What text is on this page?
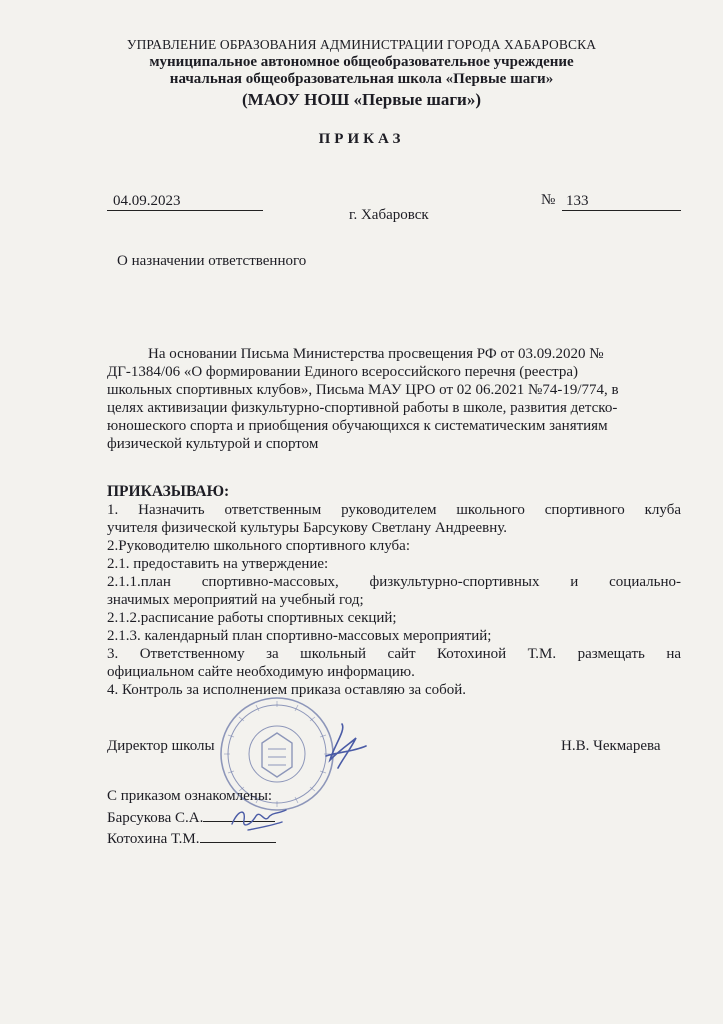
УПРАВЛЕНИЕ ОБРАЗОВАНИЯ АДМИНИСТРАЦИИ ГОРОДА ХАБАРОВСКА
муниципальное автономное общеобразовательное учреждение
начальная общеобразовательная школа «Первые шаги»
(МАОУ НОШ «Первые шаги»)
ПРИКАЗ
04.09.2023
г. Хабаровск
№ 133
О назначении ответственного

На основании Письма Министерства просвещения РФ от 03.09.2020 №

ДГ-1384/06 «О формировании Единого всероссийского перечня (реестра)

школьных спортивных клубов», Письма МАУ ЦРО от 02 06.2021 №74-19/774, в

целях активизации физкультурно-спортивной работы в школе, развития детско-

юношеского спорта и приобщения обучающихся к систематическим занятиям

физической культурой и спортом

ПРИКАЗЫВАЮ:

1. Назначить ответственным руководителем школьного спортивного клуба

учителя физической культуры Барсукову Светлану Андреевну.

2.Руководителю школьного спортивного клуба:

2.1. предоставить на утверждение:

2.1.1.план спортивно-массовых, физкультурно-спортивных и социально-

значимых мероприятий на учебный год;

2.1.2.расписание работы спортивных секций;

2.1.3. календарный план спортивно-массовых мероприятий;

3. Ответственному за школьный сайт Котохиной Т.М. размещать на

официальном сайте необходимую информацию.

4. Контроль за исполнением приказа оставляю за собой.

Директор школы	Н.В. Чекмарева
С приказом ознакомлены:
Барсукова С.А.
Котохина Т.М.
